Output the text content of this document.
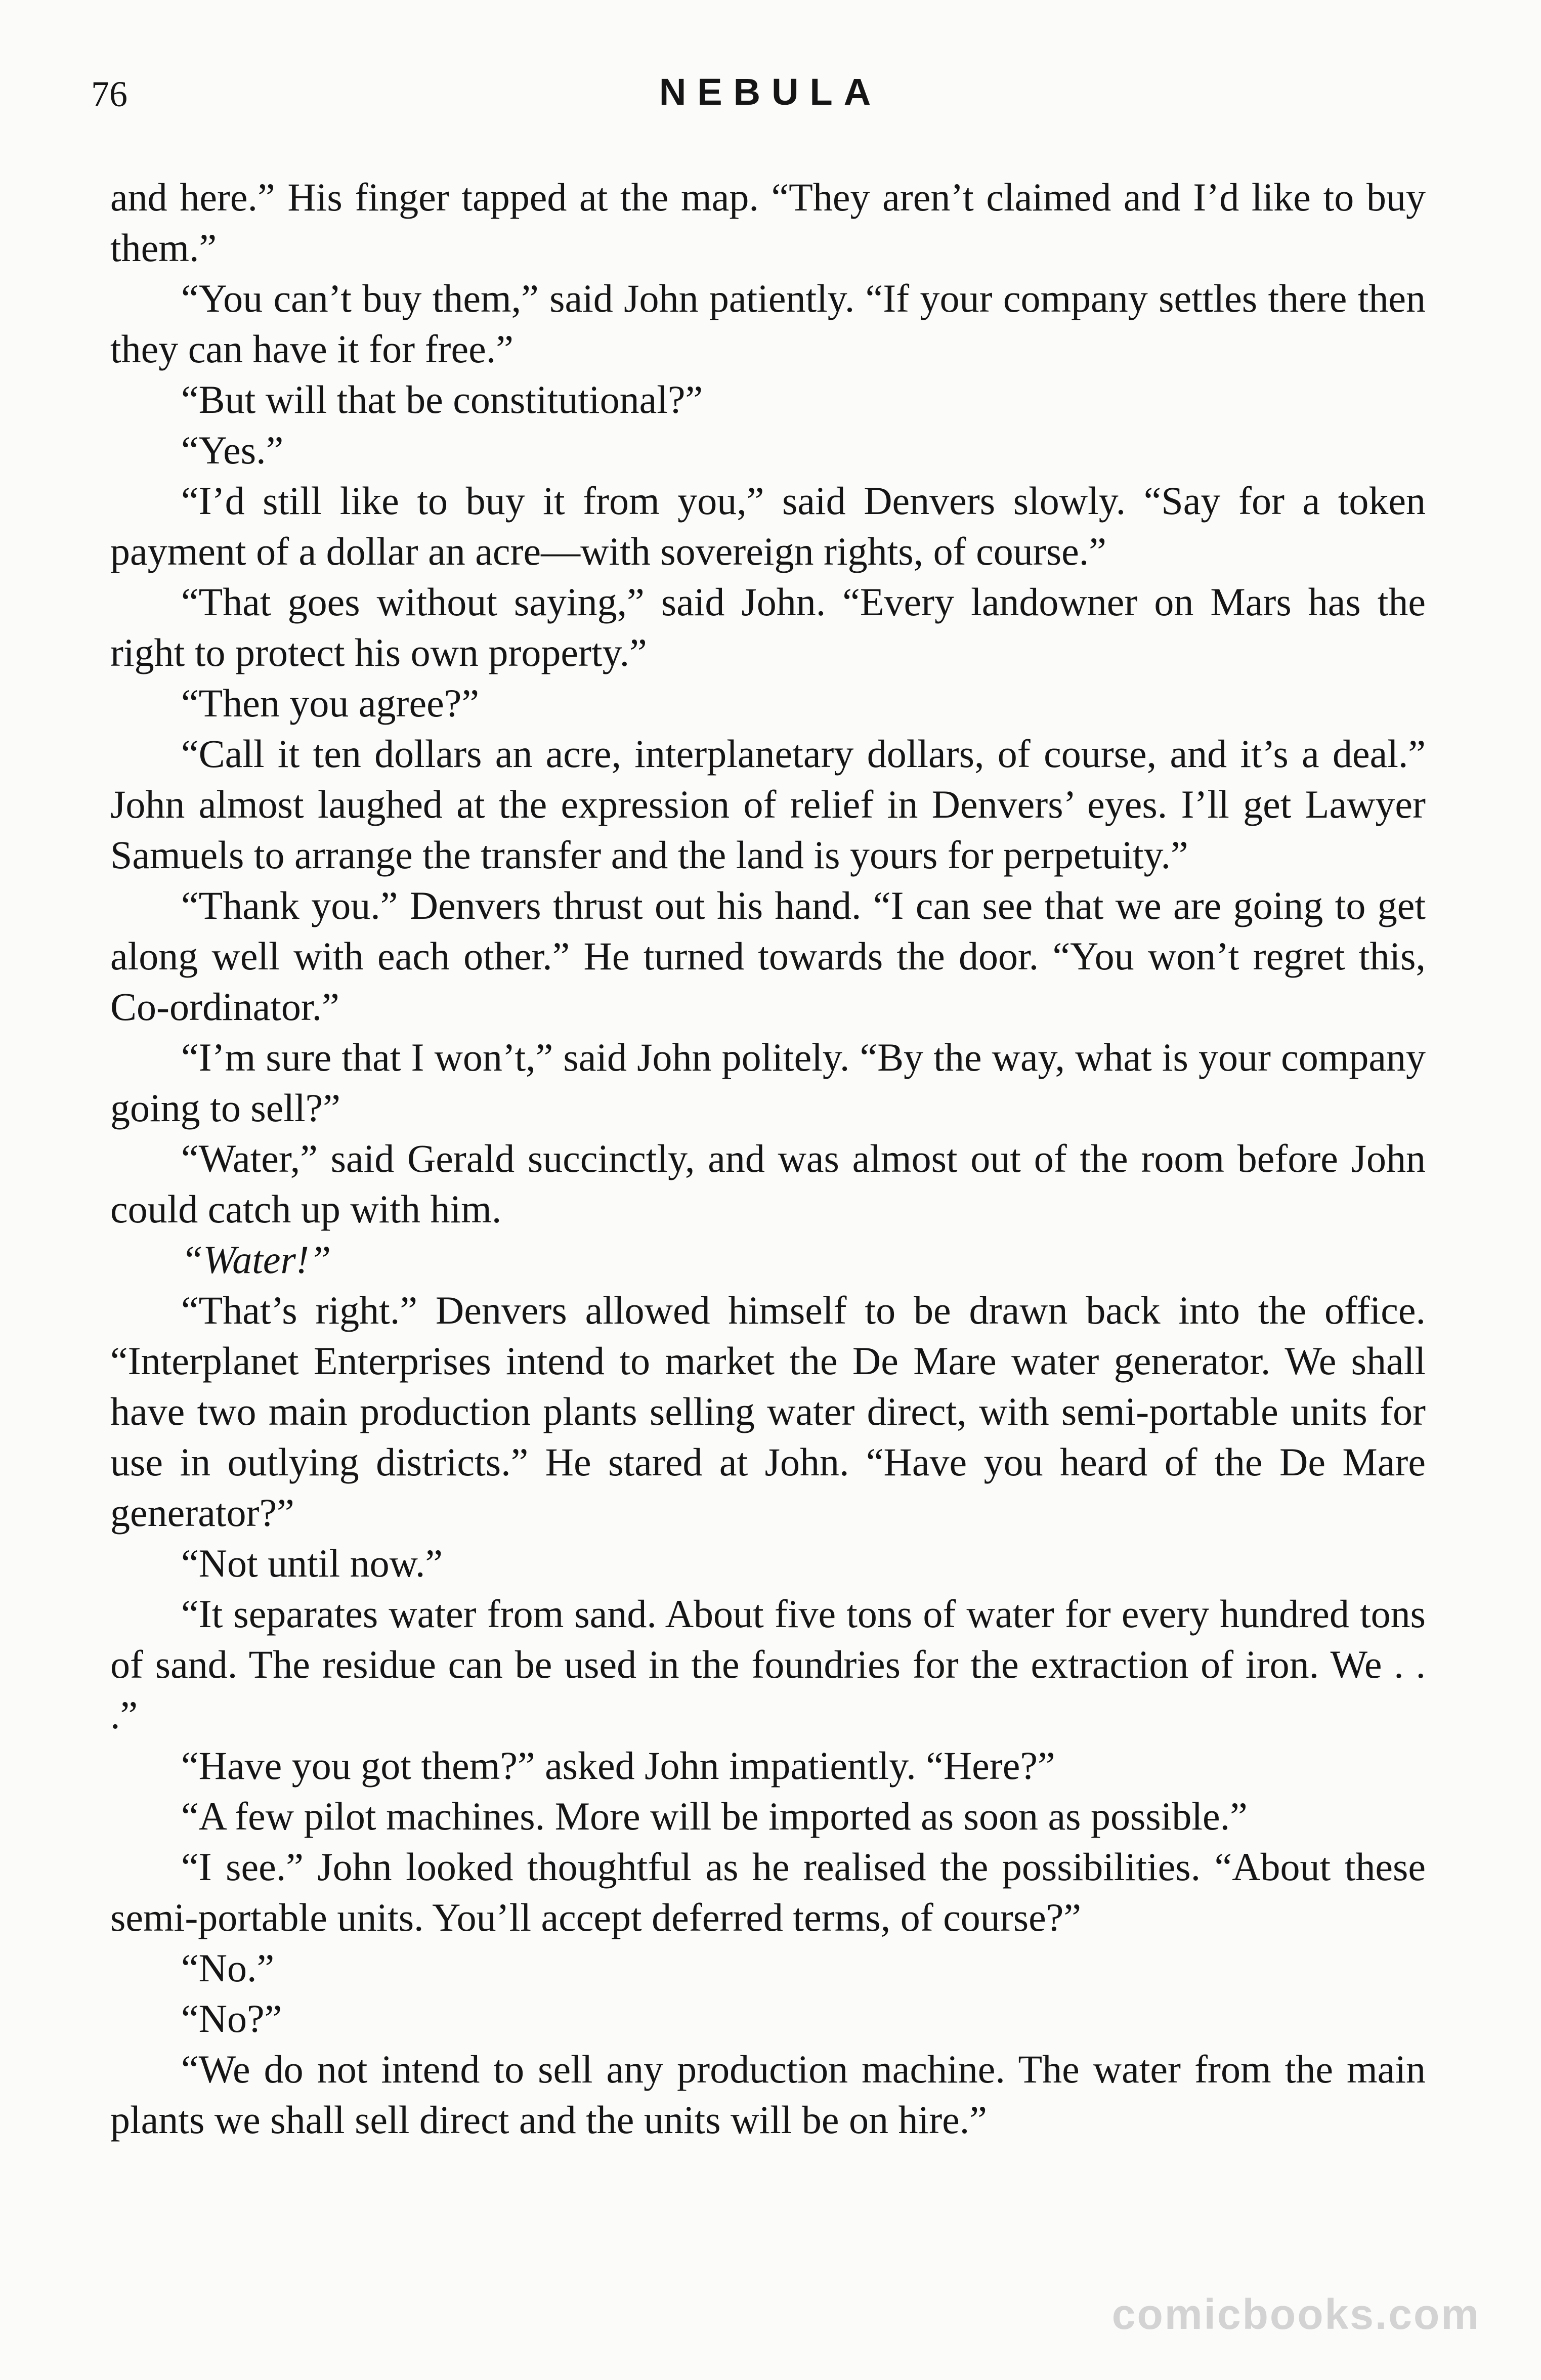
76	NEBULA

and here.” His finger tapped at the map. “They aren’t claimed and I’d like to buy them.”

“You can’t buy them,” said John patiently. “If your company settles there then they can have it for free.”

“But will that be constitutional?”

“Yes.”

“I’d still like to buy it from you,” said Denvers slowly. “Say for a token payment of a dollar an acre—with sovereign rights, of course.”

“That goes without saying,” said John. “Every landowner on Mars has the right to protect his own property.”

“Then you agree?”

“Call it ten dollars an acre, interplanetary dollars, of course, and it’s a deal.” John almost laughed at the expression of relief in Denvers’ eyes. I’ll get Lawyer Samuels to arrange the transfer and the land is yours for perpetuity.”

“Thank you.” Denvers thrust out his hand. “I can see that we are going to get along well with each other.” He turned towards the door. “You won’t regret this, Co-ordinator.”

“I’m sure that I won’t,” said John politely. “By the way, what is your company going to sell?”

“Water,” said Gerald succinctly, and was almost out of the room before John could catch up with him.

“Water!”

“That’s right.” Denvers allowed himself to be drawn back into the office. “Interplanet Enterprises intend to market the De Mare water generator. We shall have two main production plants selling water direct, with semi-portable units for use in outlying districts.” He stared at John. “Have you heard of the De Mare generator?”

“Not until now.”

“It separates water from sand. About five tons of water for every hundred tons of sand. The residue can be used in the foundries for the extraction of iron. We . . .”

“Have you got them?” asked John impatiently. “Here?”

“A few pilot machines. More will be imported as soon as possible.”

“I see.” John looked thoughtful as he realised the possibilities. “About these semi-portable units. You’ll accept deferred terms, of course?”

“No.”

“No?”

“We do not intend to sell any production machine. The water from the main plants we shall sell direct and the units will be on hire.”

comicbooks.com
